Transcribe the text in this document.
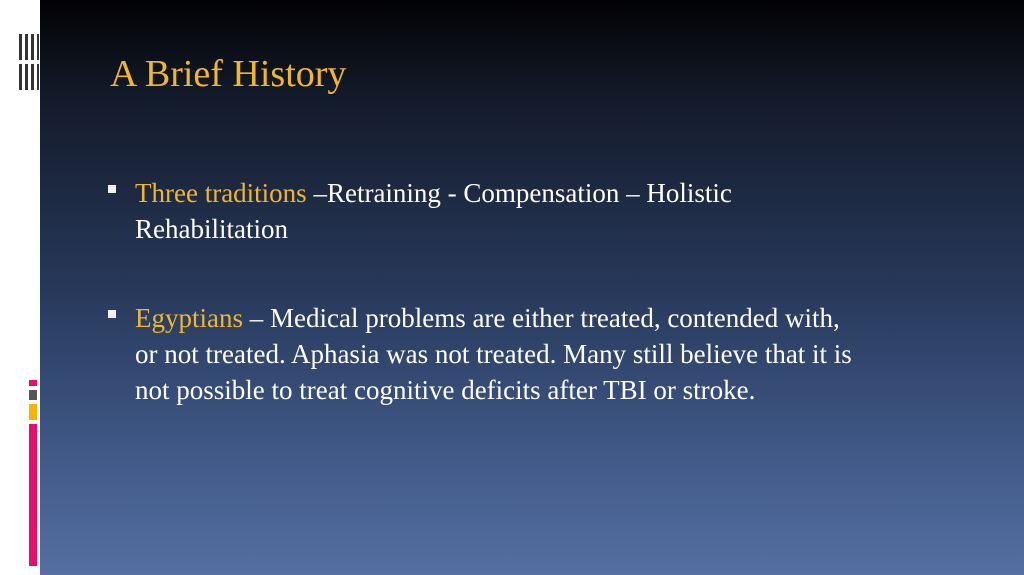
A Brief History
Three traditions –Retraining - Compensation – Holistic Rehabilitation
Egyptians – Medical problems are either treated, contended with, or not treated. Aphasia was not treated. Many still believe that it is not possible to treat cognitive deficits after TBI or stroke.
